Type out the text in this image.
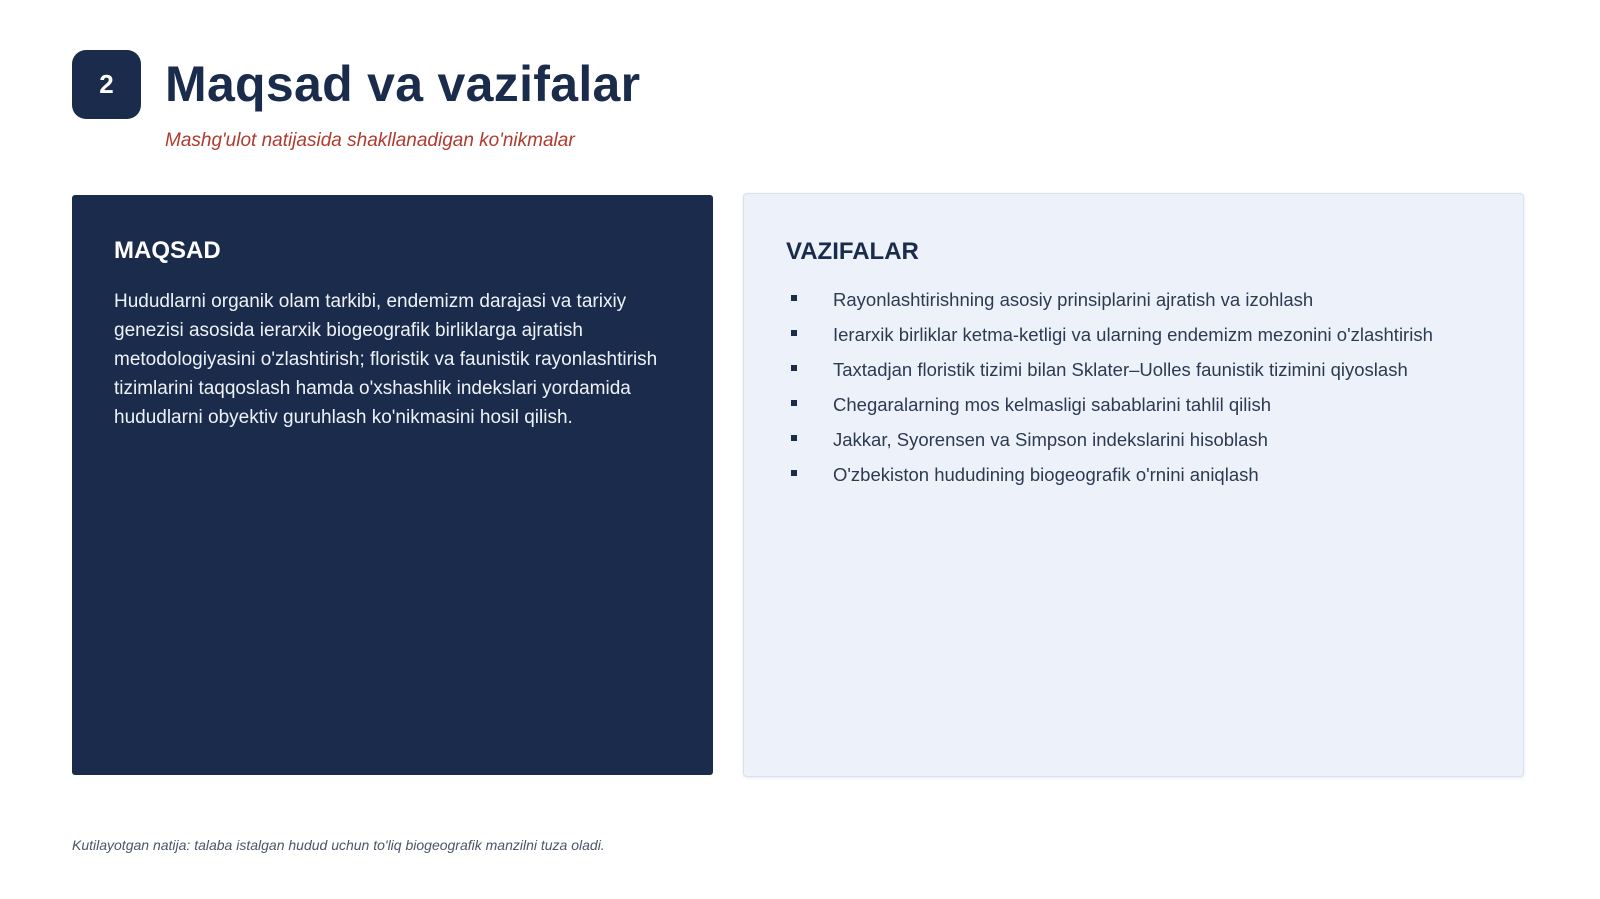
2	Maqsad va vazifalar
Mashg'ulot natijasida shakllanadigan ko'nikmalar
MAQSAD

Hududlarni organik olam tarkibi, endemizm darajasi va tarixiy genezisi asosida ierarxik biogeografik birliklarga ajratish metodologiyasini o'zlashtirish; floristik va faunistik rayonlashtirish tizimlarini taqqoslash hamda o'xshashlik indekslari yordamida hududlarni obyektiv guruhlash ko'nikmasini hosil qilish.

VAZIFALAR
Rayonlashtirishning asosiy prinsiplarini ajratish va izohlash
Ierarxik birliklar ketma-ketligi va ularning endemizm mezonini o'zlashtirish
Taxtadjan floristik tizimi bilan Sklater–Uolles faunistik tizimini qiyoslash
Chegaralarning mos kelmasligi sabablarini tahlil qilish
Jakkar, Syorensen va Simpson indekslarini hisoblash
O'zbekiston hududining biogeografik o'rnini aniqlash
Kutilayotgan natija: talaba istalgan hudud uchun to'liq biogeografik manzilni tuza oladi.
